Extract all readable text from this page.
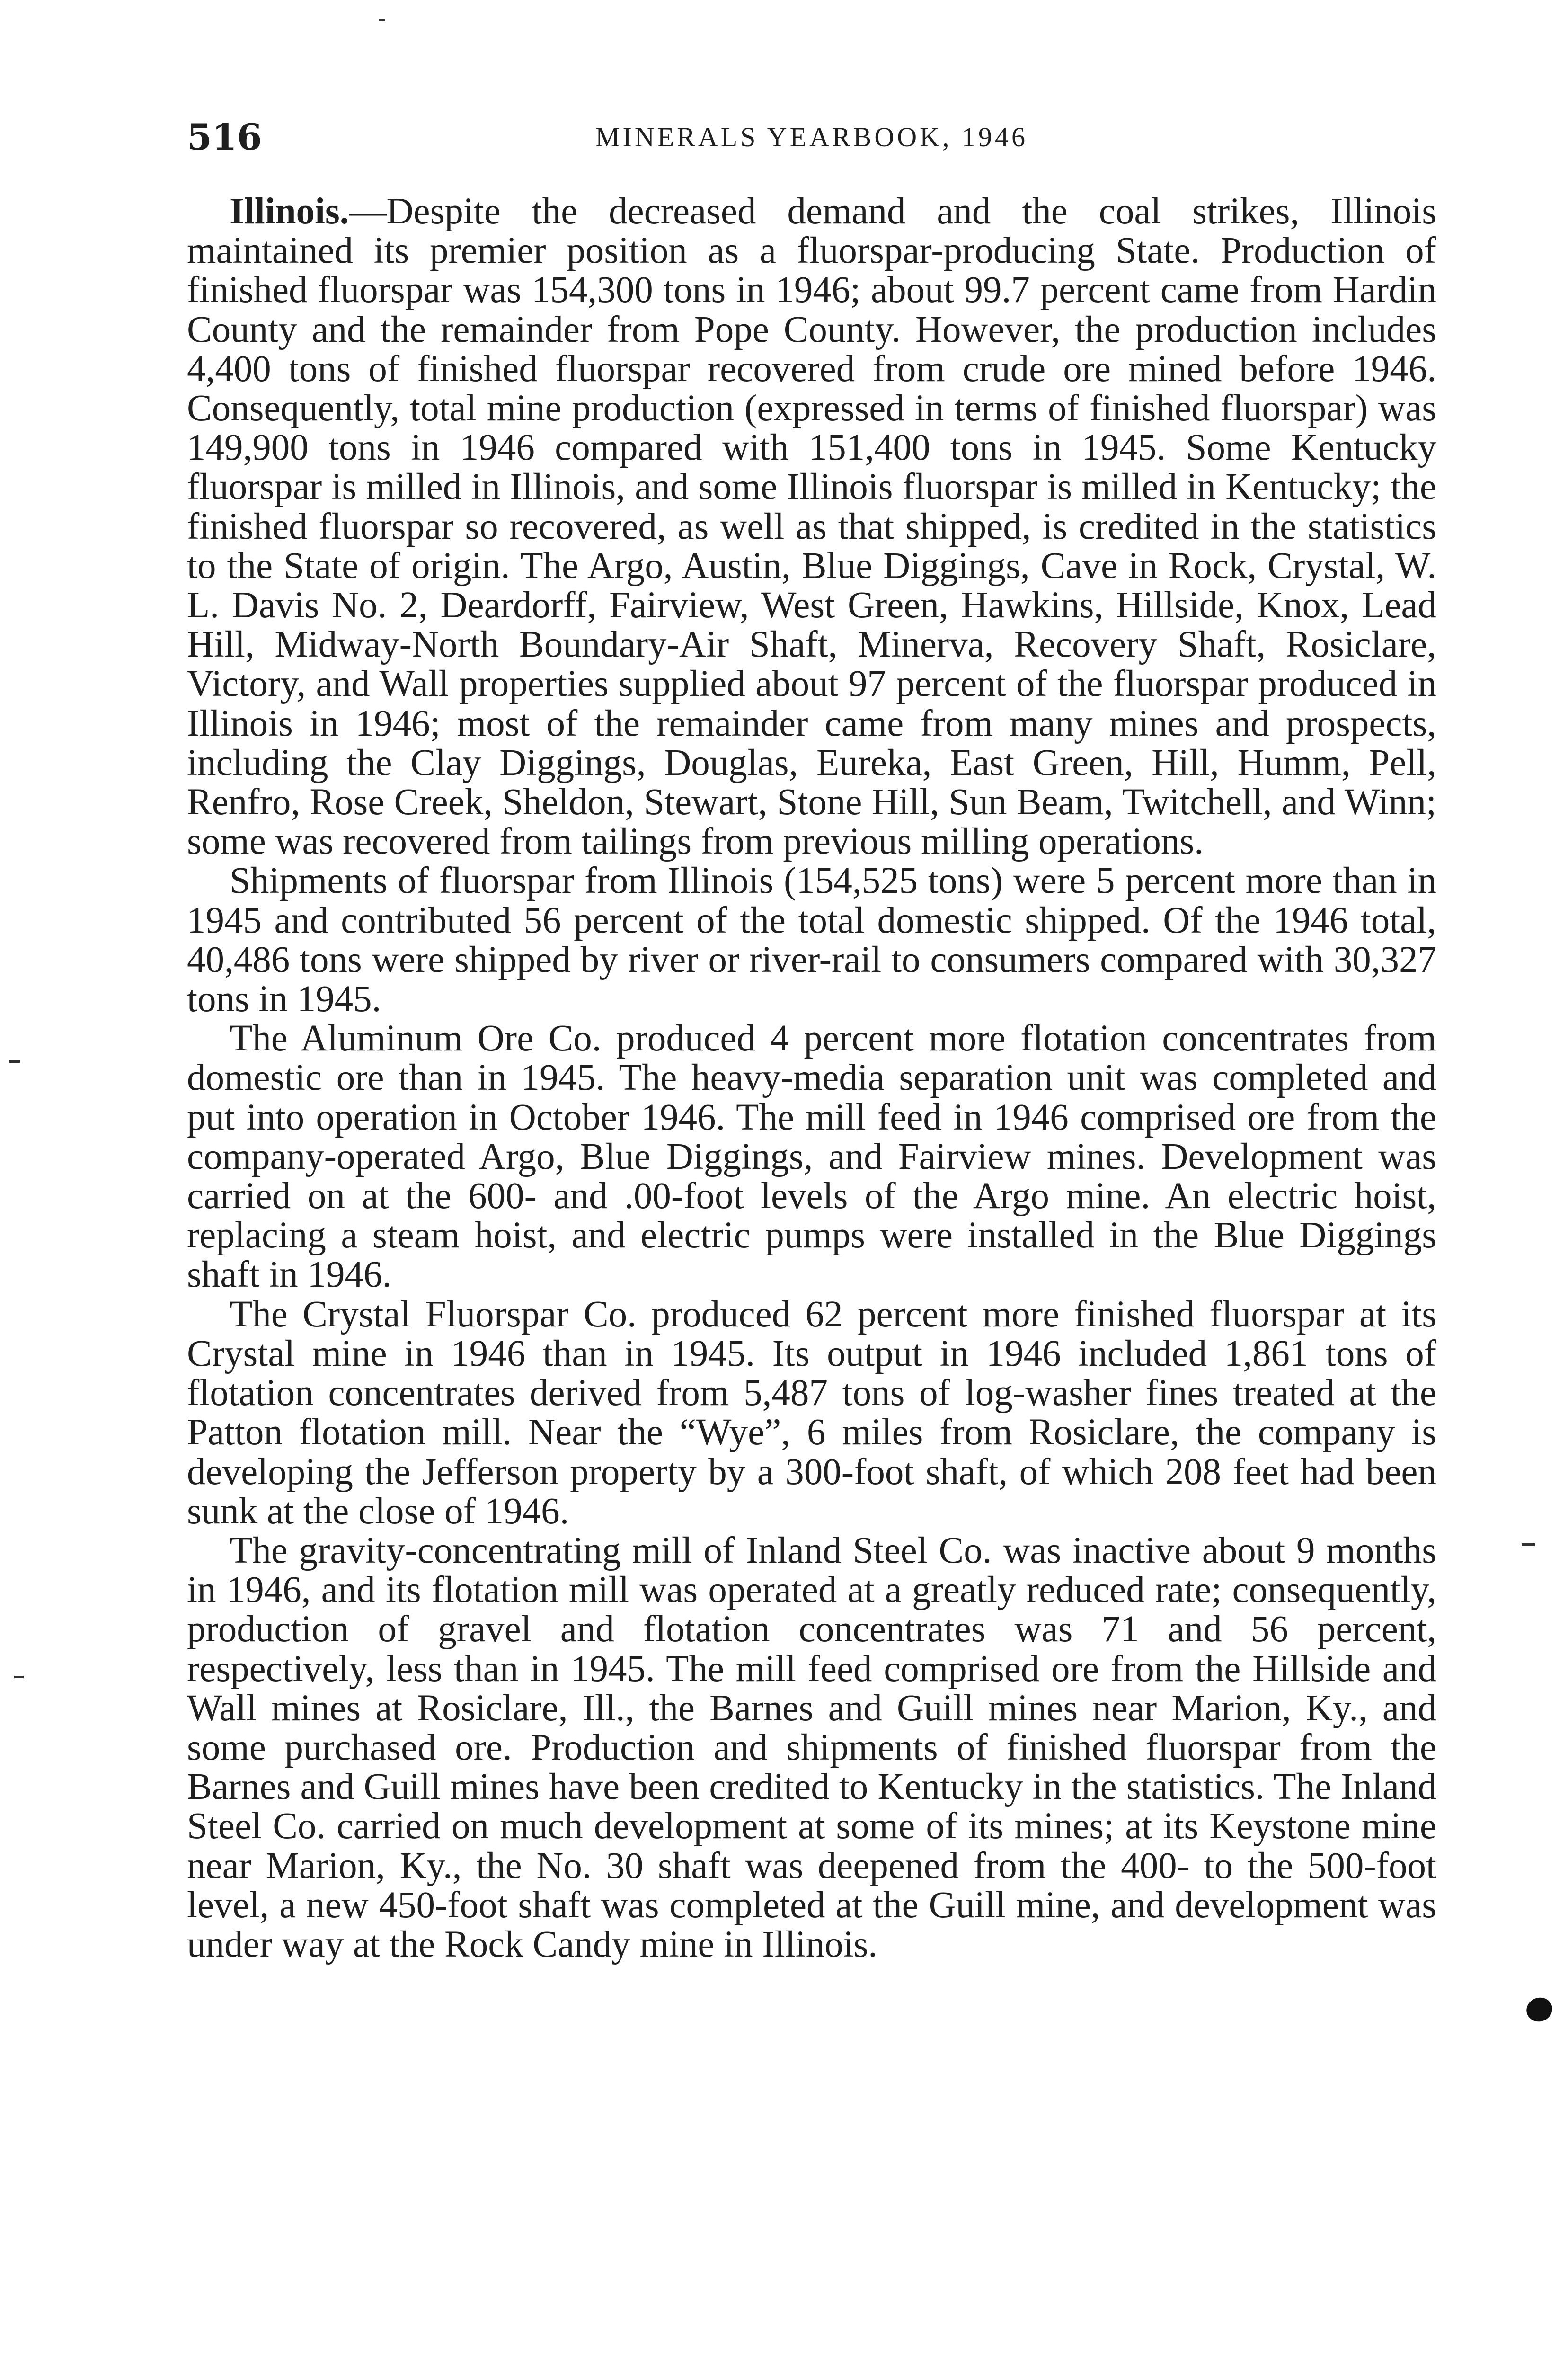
516	MINERALS YEARBOOK, 1946

Illinois.—Despite the decreased demand and the coal strikes, Illinois maintained its premier position as a fluorspar-producing State. Production of finished fluorspar was 154,300 tons in 1946; about 99.7 percent came from Hardin County and the remainder from Pope County. However, the production includes 4,400 tons of finished fluorspar recovered from crude ore mined before 1946. Consequently, total mine production (expressed in terms of finished fluorspar) was 149,900 tons in 1946 compared with 151,400 tons in 1945. Some Kentucky fluorspar is milled in Illinois, and some Illinois fluorspar is milled in Kentucky; the finished fluorspar so recovered, as well as that shipped, is credited in the statistics to the State of origin. The Argo, Austin, Blue Diggings, Cave in Rock, Crystal, W. L. Davis No. 2, Deardorff, Fairview, West Green, Hawkins, Hillside, Knox, Lead Hill, Midway-North Boundary-Air Shaft, Minerva, Recovery Shaft, Rosiclare, Victory, and Wall properties supplied about 97 percent of the fluorspar produced in Illinois in 1946; most of the remainder came from many mines and prospects, including the Clay Diggings, Douglas, Eureka, East Green, Hill, Humm, Pell, Renfro, Rose Creek, Sheldon, Stewart, Stone Hill, Sun Beam, Twitchell, and Winn; some was recovered from tailings from previous milling operations.

Shipments of fluorspar from Illinois (154,525 tons) were 5 percent more than in 1945 and contributed 56 percent of the total domestic shipped. Of the 1946 total, 40,486 tons were shipped by river or river-rail to consumers compared with 30,327 tons in 1945.

The Aluminum Ore Co. produced 4 percent more flotation concentrates from domestic ore than in 1945. The heavy-media separation unit was completed and put into operation in October 1946. The mill feed in 1946 comprised ore from the company-operated Argo, Blue Diggings, and Fairview mines. Development was carried on at the 600- and .00-foot levels of the Argo mine. An electric hoist, replacing a steam hoist, and electric pumps were installed in the Blue Diggings shaft in 1946.

The Crystal Fluorspar Co. produced 62 percent more finished fluorspar at its Crystal mine in 1946 than in 1945. Its output in 1946 included 1,861 tons of flotation concentrates derived from 5,487 tons of log-washer fines treated at the Patton flotation mill. Near the “Wye”, 6 miles from Rosiclare, the company is developing the Jefferson property by a 300-foot shaft, of which 208 feet had been sunk at the close of 1946.

The gravity-concentrating mill of Inland Steel Co. was inactive about 9 months in 1946, and its flotation mill was operated at a greatly reduced rate; consequently, production of gravel and flotation concentrates was 71 and 56 percent, respectively, less than in 1945. The mill feed comprised ore from the Hillside and Wall mines at Rosiclare, Ill., the Barnes and Guill mines near Marion, Ky., and some purchased ore. Production and shipments of finished fluorspar from the Barnes and Guill mines have been credited to Kentucky in the statistics. The Inland Steel Co. carried on much development at some of its mines; at its Keystone mine near Marion, Ky., the No. 30 shaft was deepened from the 400- to the 500-foot level, a new 450-foot shaft was completed at the Guill mine, and development was under way at the Rock Candy mine in Illinois.
